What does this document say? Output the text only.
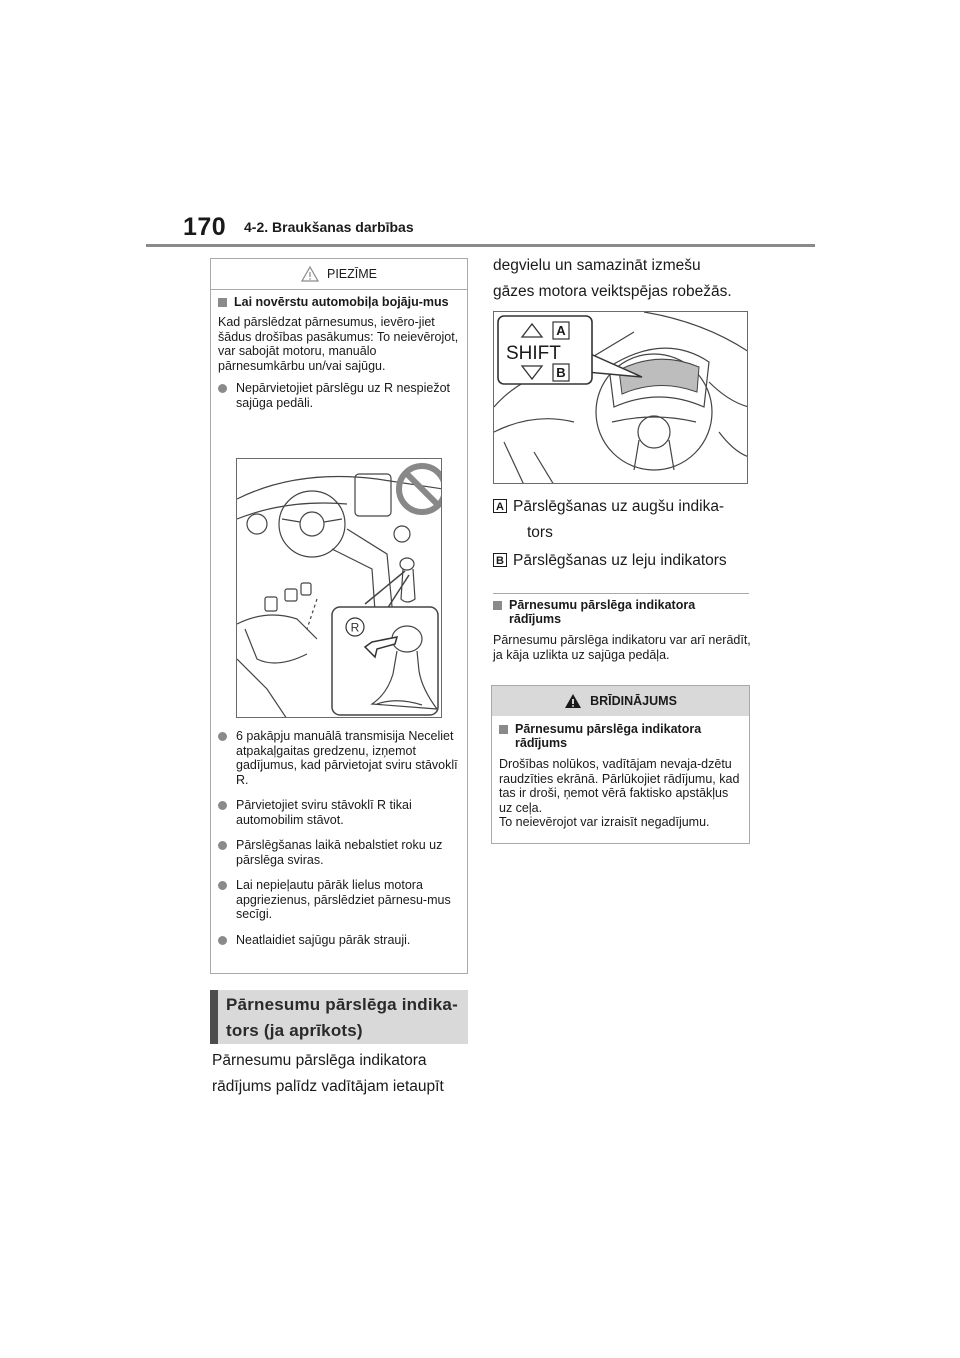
170 4-2. Braukšanas darbības
PIEZĪME
Lai novērstu automobiļa bojāju-mus

Kad pārslēdzat pārnesumus, ievēro-jiet šādus drošības pasākumus: To neievērojot, var sabojāt motoru, manuālo pārnesumkārbu un/vai sajūgu.

Nepārvietojiet pārslēgu uz R nespiežot sajūga pedāli.
6 pakāpju manuālā transmisija Neceliet atpakaļgaitas gredzenu, izņemot gadījumus, kad pārvietojat sviru stāvoklī R.
Pārvietojiet sviru stāvoklī R tikai automobilim stāvot.
Pārslēgšanas laikā nebalstiet roku uz pārslēga sviras.
Lai nepieļautu pārāk lielus motora apgriezienus, pārslēdziet pārnesu-mus secīgi.
Neatlaidiet sajūgu pārāk strauji.
R
Pārnesumu pārslēga indika-
tors (ja aprīkots)
Pārnesumu pārslēga indikatora
rādījums palīdz vadītājam ietaupīt
degvielu un samazināt izmešu
gāzes motora veiktspējas robežās.
SHIFT
A
B
A Pārslēgšanas uz augšu indika-
tors
B Pārslēgšanas uz leju indikators
Pārnesumu pārslēga indikatora rādījums
Pārnesumu pārslēga indikatoru var arī nerādīt, ja kāja uzlikta uz sajūga pedāļa.
BRĪDINĀJUMS
Pārnesumu pārslēga indikatora rādījums

Drošības nolūkos, vadītājam nevaja-dzētu raudzīties ekrānā. Pārlūkojiet rādījumu, kad tas ir droši, ņemot vērā faktisko apstākļus uz ceļa.

To neievērojot var izraisīt negadījumu.
